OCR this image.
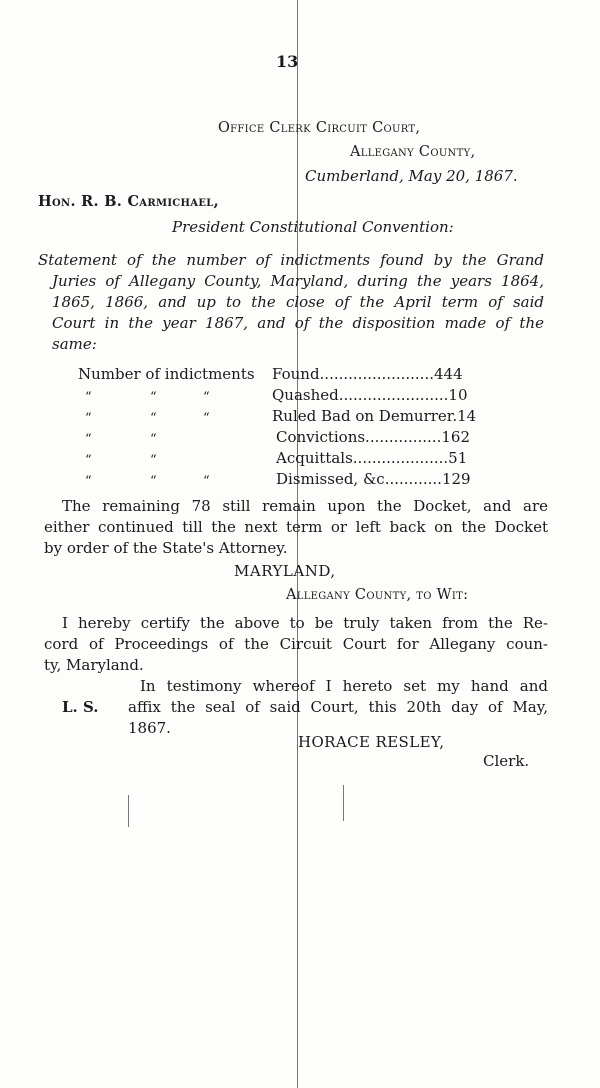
13
Office Clerk Circuit Court,
Allegany County,
Cumberland, May 20, 1867.
Hon. R. B. Carmichael,
President Constitutional Convention:
Statement of the number of indictments found by the Grand
Juries of Allegany County, Maryland, during the years 1864,
1865, 1866, and up to the close of the April term of said
Court in the year 1867, and of the disposition made of the
same:
Number of indictments Found........................444
“	“	“	Quashed.......................10
“	“	“	Ruled Bad on Demurrer.14
“	“	Convictions................162
“	“	Acquittals....................51
“	“	“	Dismissed, &c............129
The remaining 78 still remain upon the Docket, and are
either continued till the next term or left back on the Docket
by order of the State's Attorney.
MARYLAND,
Allegany County, to Wit:
I hereby certify the above to be truly taken from the Re-
cord of Proceedings of the Circuit Court for Allegany coun-
ty, Maryland.
In testimony whereof I hereto set my hand and
L. S. affix the seal of said Court, this 20th day of May,
1867.
HORACE RESLEY,
Clerk.
